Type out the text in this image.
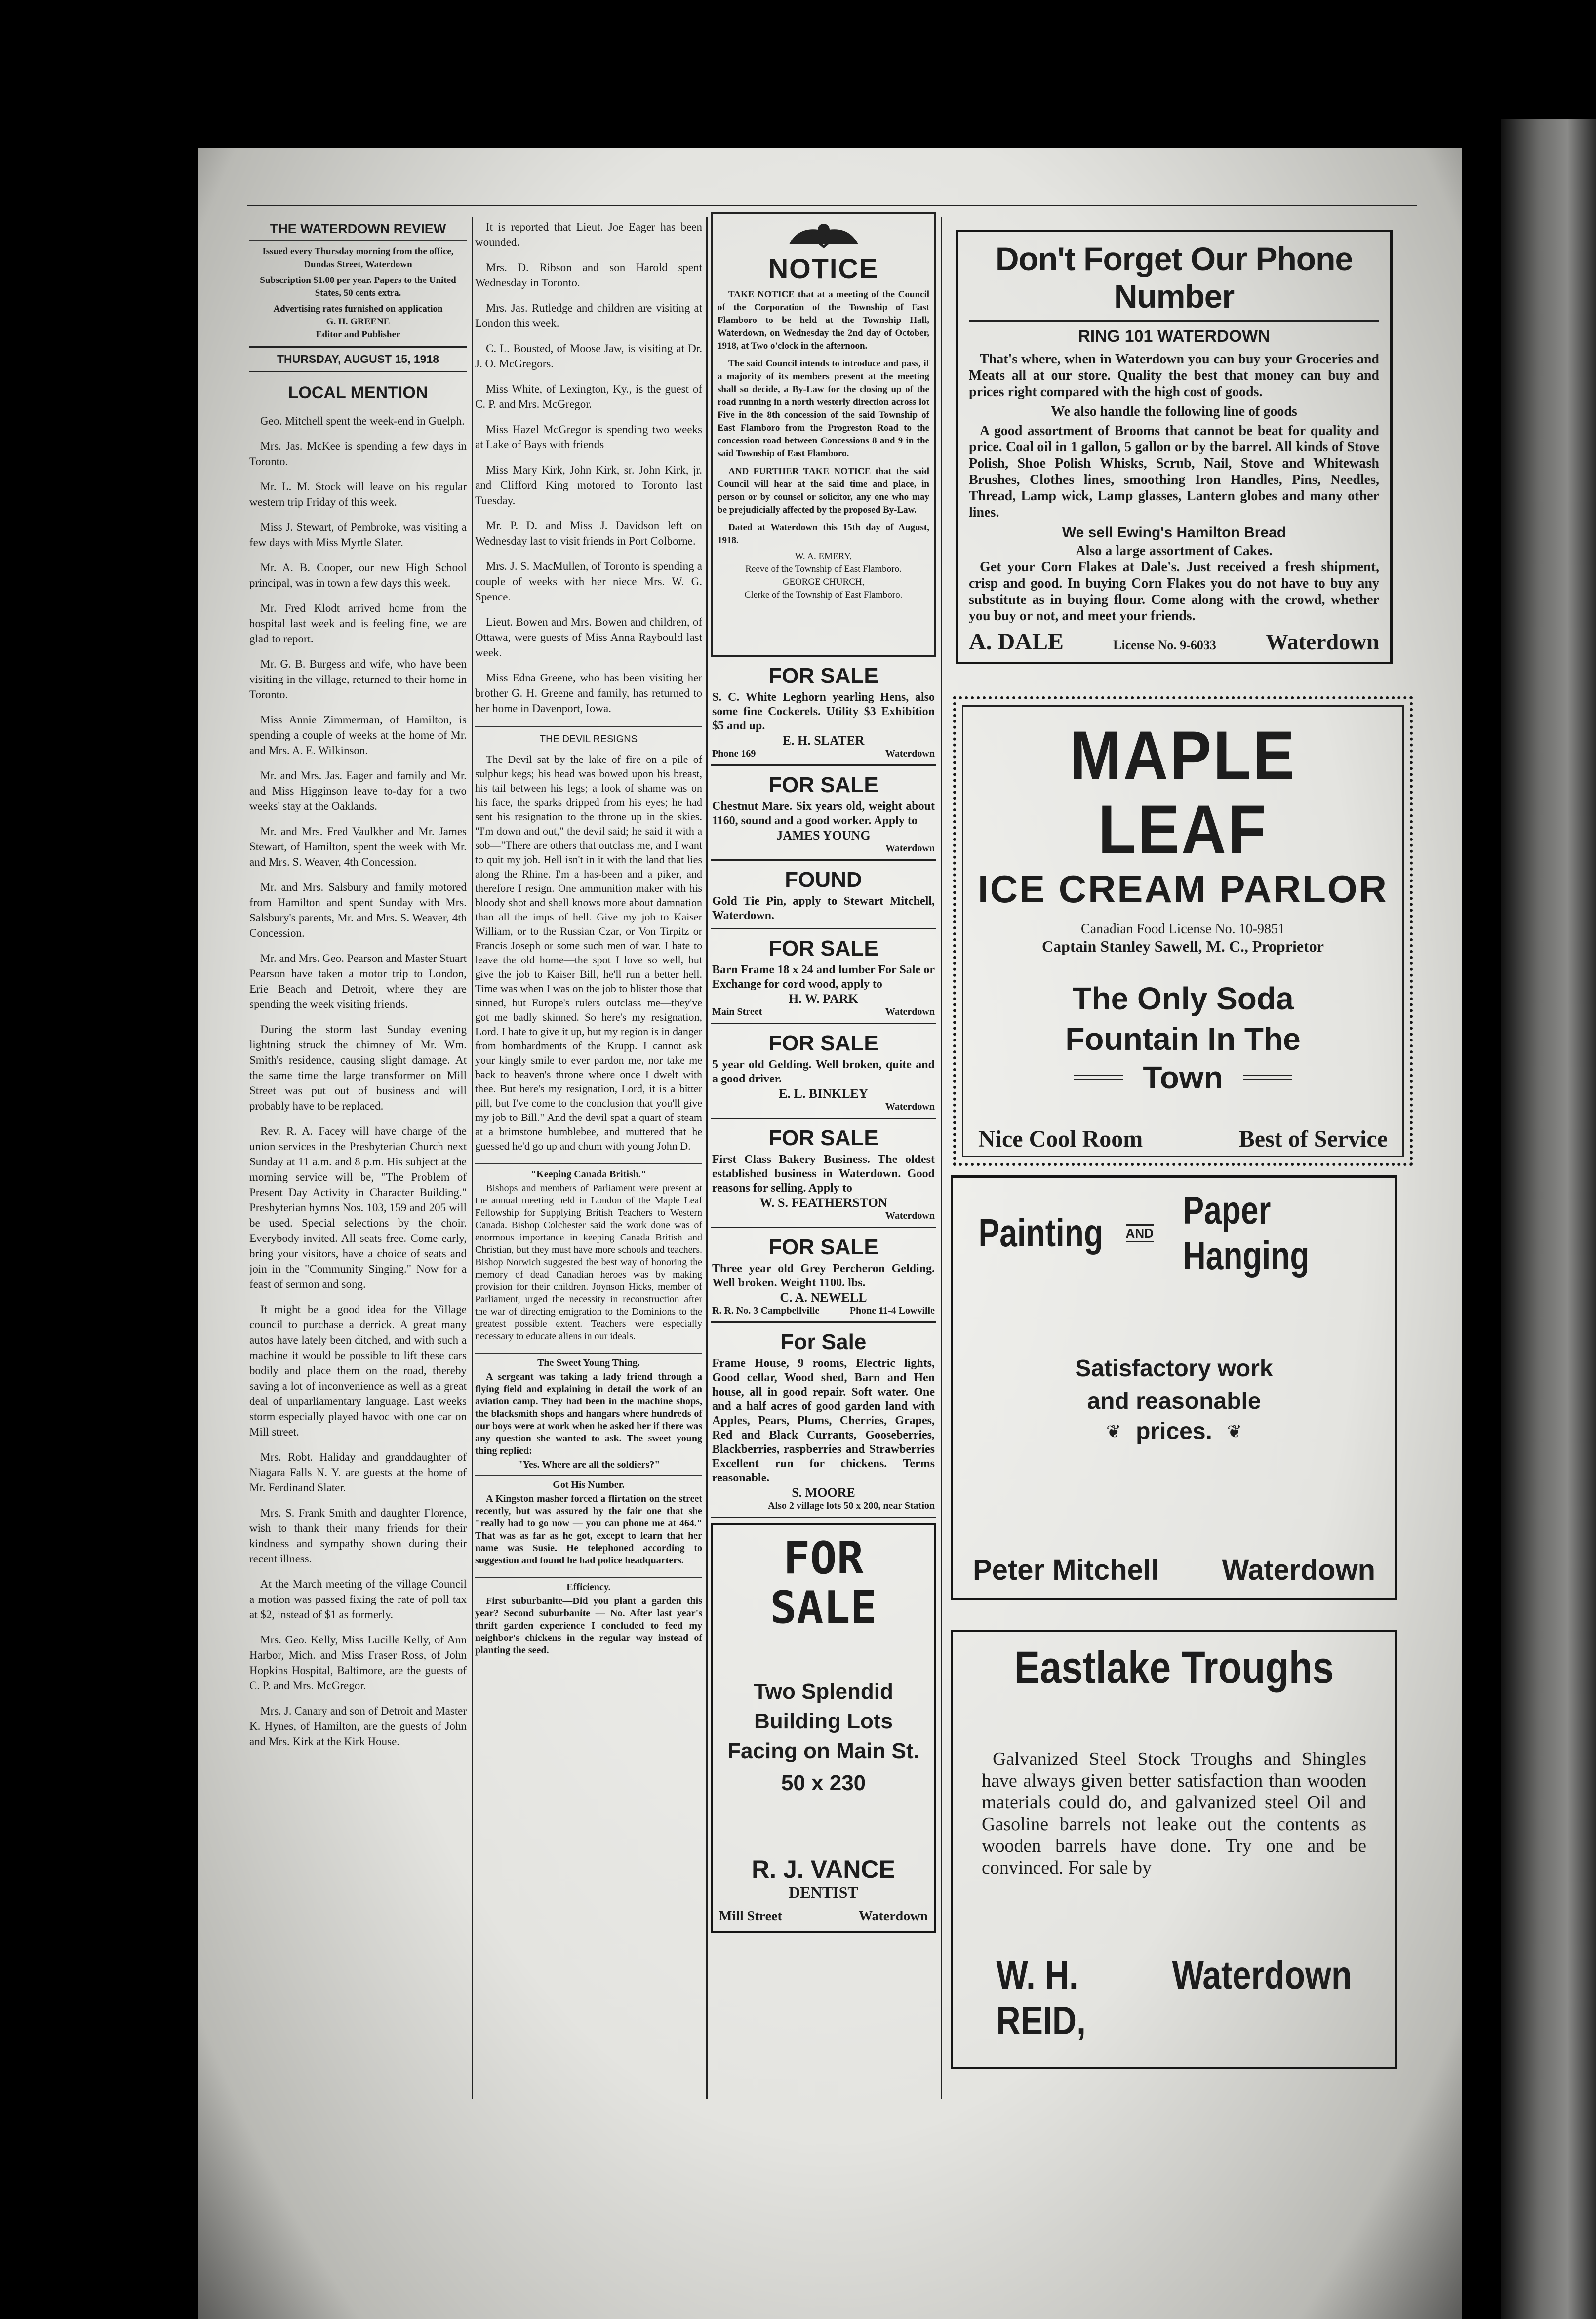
THE WATERDOWN REVIEW
Issued every Thursday morning from the office, Dundas Street, Waterdown
Subscription $1.00 per year. Papers to the United States, 50 cents extra.
Advertising rates furnished on application
G. H. GREENE
Editor and Publisher
THURSDAY, AUGUST 15, 1918
LOCAL MENTION

Geo. Mitchell spent the week-end in Guelph.

Mrs. Jas. McKee is spending a few days in Toronto.

Mr. L. M. Stock will leave on his regular western trip Friday of this week.

Miss J. Stewart, of Pembroke, was visiting a few days with Miss Myrtle Slater.

Mr. A. B. Cooper, our new High School principal, was in town a few days this week.

Mr. Fred Klodt arrived home from the hospital last week and is feeling fine, we are glad to report.

Mr. G. B. Burgess and wife, who have been visiting in the village, returned to their home in Toronto.

Miss Annie Zimmerman, of Hamilton, is spending a couple of weeks at the home of Mr. and Mrs. A. E. Wilkinson.

Mr. and Mrs. Jas. Eager and family and Mr. and Miss Higginson leave to-day for a two weeks' stay at the Oaklands.

Mr. and Mrs. Fred Vaulkher and Mr. James Stewart, of Hamilton, spent the week with Mr. and Mrs. S. Weaver, 4th Concession.

Mr. and Mrs. Salsbury and family motored from Hamilton and spent Sunday with Mrs. Salsbury's parents, Mr. and Mrs. S. Weaver, 4th Concession.

Mr. and Mrs. Geo. Pearson and Master Stuart Pearson have taken a motor trip to London, Erie Beach and Detroit, where they are spending the week visiting friends.

During the storm last Sunday evening lightning struck the chimney of Mr. Wm. Smith's residence, causing slight damage. At the same time the large transformer on Mill Street was put out of business and will probably have to be replaced.

Rev. R. A. Facey will have charge of the union services in the Presbyterian Church next Sunday at 11 a.m. and 8 p.m. His subject at the morning service will be, "The Problem of Present Day Activity in Character Building." Presbyterian hymns Nos. 103, 159 and 205 will be used. Special selections by the choir. Everybody invited. All seats free. Come early, bring your visitors, have a choice of seats and join in the "Community Singing." Now for a feast of sermon and song.

It might be a good idea for the Village council to purchase a derrick. A great many autos have lately been ditched, and with such a machine it would be possible to lift these cars bodily and place them on the road, thereby saving a lot of inconvenience as well as a great deal of unparliamentary language. Last weeks storm especially played havoc with one car on Mill street.

Mrs. Robt. Haliday and granddaughter of Niagara Falls N. Y. are guests at the home of Mr. Ferdinand Slater.

Mrs. S. Frank Smith and daughter Florence, wish to thank their many friends for their kindness and sympathy shown during their recent illness.

At the March meeting of the village Council a motion was passed fixing the rate of poll tax at $2, instead of $1 as formerly.

Mrs. Geo. Kelly, Miss Lucille Kelly, of Ann Harbor, Mich. and Miss Fraser Ross, of John Hopkins Hospital, Baltimore, are the guests of C. P. and Mrs. McGregor.

Mrs. J. Canary and son of Detroit and Master K. Hynes, of Hamilton, are the guests of John and Mrs. Kirk at the Kirk House.

It is reported that Lieut. Joe Eager has been wounded.

Mrs. D. Ribson and son Harold spent Wednesday in Toronto.

Mrs. Jas. Rutledge and children are visiting at London this week.

C. L. Bousted, of Moose Jaw, is visiting at Dr. J. O. McGregors.

Miss White, of Lexington, Ky., is the guest of C. P. and Mrs. McGregor.

Miss Hazel McGregor is spending two weeks at Lake of Bays with friends

Miss Mary Kirk, John Kirk, sr. John Kirk, jr. and Clifford King motored to Toronto last Tuesday.

Mr. P. D. and Miss J. Davidson left on Wednesday last to visit friends in Port Colborne.

Mrs. J. S. MacMullen, of Toronto is spending a couple of weeks with her niece Mrs. W. G. Spence.

Lieut. Bowen and Mrs. Bowen and children, of Ottawa, were guests of Miss Anna Raybould last week.

Miss Edna Greene, who has been visiting her brother G. H. Greene and family, has returned to her home in Davenport, Iowa.

THE DEVIL RESIGNS

The Devil sat by the lake of fire on a pile of sulphur kegs; his head was bowed upon his breast, his tail between his legs; a look of shame was on his face, the sparks dripped from his eyes; he had sent his resignation to the throne up in the skies. "I'm down and out," the devil said; he said it with a sob—"There are others that outclass me, and I want to quit my job. Hell isn't in it with the land that lies along the Rhine. I'm a has-been and a piker, and therefore I resign. One ammunition maker with his bloody shot and shell knows more about damnation than all the imps of hell. Give my job to Kaiser William, or to the Russian Czar, or Von Tirpitz or Francis Joseph or some such men of war. I hate to leave the old home—the spot I love so well, but give the job to Kaiser Bill, he'll run a better hell. Time was when I was on the job to blister those that sinned, but Europe's rulers outclass me—they've got me badly skinned. So here's my resignation, Lord. I hate to give it up, but my region is in danger from bombardments of the Krupp. I cannot ask your kingly smile to ever pardon me, nor take me back to heaven's throne where once I dwelt with thee. But here's my resignation, Lord, it is a bitter pill, but I've come to the conclusion that you'll give my job to Bill." And the devil spat a quart of steam at a brimstone bumblebee, and muttered that he guessed he'd go up and chum with young John D.

"Keeping Canada British."

Bishops and members of Parliament were present at the annual meeting held in London of the Maple Leaf Fellowship for Supplying British Teachers to Western Canada. Bishop Colchester said the work done was of enormous importance in keeping Canada British and Christian, but they must have more schools and teachers. Bishop Norwich suggested the best way of honoring the memory of dead Canadian heroes was by making provision for their children. Joynson Hicks, member of Parliament, urged the necessity in reconstruction after the war of directing emigration to the Dominions to the greatest possible extent. Teachers were especially necessary to educate aliens in our ideals.

The Sweet Young Thing.

A sergeant was taking a lady friend through a flying field and explaining in detail the work of an aviation camp. They had been in the machine shops, the blacksmith shops and hangars where hundreds of our boys were at work when he asked her if there was any question she wanted to ask. The sweet young thing replied:

"Yes. Where are all the soldiers?"
Got His Number.

A Kingston masher forced a flirtation on the street recently, but was assured by the fair one that she "really had to go now — you can phone me at 464." That was as far as he got, except to learn that her name was Susie. He telephoned according to suggestion and found he had police headquarters.

Efficiency.

First suburbanite—Did you plant a garden this year? Second suburbanite — No. After last year's thrift garden experience I concluded to feed my neighbor's chickens in the regular way instead of planting the seed.

NOTICE

TAKE NOTICE that at a meeting of the Council of the Corporation of the Township of East Flamboro to be held at the Township Hall, Waterdown, on Wednesday the 2nd day of October, 1918, at Two o'clock in the afternoon.

The said Council intends to introduce and pass, if a majority of its members present at the meeting shall so decide, a By-Law for the closing up of the road running in a north westerly direction across lot Five in the 8th concession of the said Township of East Flamboro from the Progreston Road to the concession road between Concessions 8 and 9 in the said Township of East Flamboro.

AND FURTHER TAKE NOTICE that the said Council will hear at the said time and place, in person or by counsel or solicitor, any one who may be prejudicially affected by the proposed By-Law.

Dated at Waterdown this 15th day of August, 1918.

W. A. EMERY,
Reeve of the Township of East Flamboro.
GEORGE CHURCH,
Clerke of the Township of East Flamboro.
FOR SALE
S. C. White Leghorn yearling Hens, also some fine Cockerels. Utility $3 Exhibition $5 and up.
E. H. SLATER
Phone 169	Waterdown
FOR SALE
Chestnut Mare. Six years old, weight about 1160, sound and a good worker. Apply to
JAMES YOUNG
Waterdown
FOUND
Gold Tie Pin, apply to Stewart Mitchell, Waterdown.
FOR SALE
Barn Frame 18 x 24 and lumber For Sale or Exchange for cord wood, apply to
H. W. PARK
Main Street	Waterdown
FOR SALE
5 year old Gelding. Well broken, quite and a good driver.
E. L. BINKLEY
Waterdown
FOR SALE
First Class Bakery Business. The oldest established business in Waterdown. Good reasons for selling. Apply to
W. S. FEATHERSTON
Waterdown
FOR SALE
Three year old Grey Percheron Gelding. Well broken. Weight 1100. lbs.
C. A. NEWELL
R. R. No. 3 Campbellville	Phone 11-4 Lowville
For Sale
Frame House, 9 rooms, Electric lights, Good cellar, Wood shed, Barn and Hen house, all in good repair. Soft water. One and a half acres of good garden land with Apples, Pears, Plums, Cherries, Grapes, Red and Black Currants, Gooseberries, Blackberries, raspberries and Strawberries Excellent run for chickens. Terms reasonable.
S. MOORE
Also 2 village lots 50 x 200, near Station
FOR SALE
Two Splendid
Building Lots
Facing on Main St.
50 x 230
R. J. VANCE
DENTIST
Mill Street	Waterdown
Don't Forget Our Phone Number
RING 101 WATERDOWN

That's where, when in Waterdown you can buy your Groceries and Meats all at our store. Quality the best that money can buy and prices right compared with the high cost of goods.

We also handle the following line of goods

A good assortment of Brooms that cannot be beat for quality and price. Coal oil in 1 gallon, 5 gallon or by the barrel. All kinds of Stove Polish, Shoe Polish Whisks, Scrub, Nail, Stove and Whitewash Brushes, Clothes lines, smoothing Iron Handles, Pins, Needles, Thread, Lamp wick, Lamp glasses, Lantern globes and many other lines.

We sell Ewing's Hamilton Bread
Also a large assortment of Cakes.

Get your Corn Flakes at Dale's. Just received a fresh shipment, crisp and good. In buying Corn Flakes you do not have to buy any substitute as in buying flour. Come along with the crowd, whether you buy or not, and meet your friends.

A. DALE	License No. 9-6033 Waterdown
MAPLE LEAF
ICE CREAM PARLOR
Canadian Food License No. 10-9851
Captain Stanley Sawell, M. C., Proprietor
The Only Soda
Fountain In The
Town
Nice Cool Room	Best of Service
Painting AND
Paper Hanging
Satisfactory work
and reasonable
❦ prices. ❦
Peter Mitchell Waterdown
Eastlake Troughs

Galvanized Steel Stock Troughs and Shingles have always given better satisfaction than wooden materials could do, and galvanized steel Oil and Gasoline barrels not leake out the contents as wooden barrels have done. Try one and be convinced. For sale by

W. H. REID,
Waterdown
